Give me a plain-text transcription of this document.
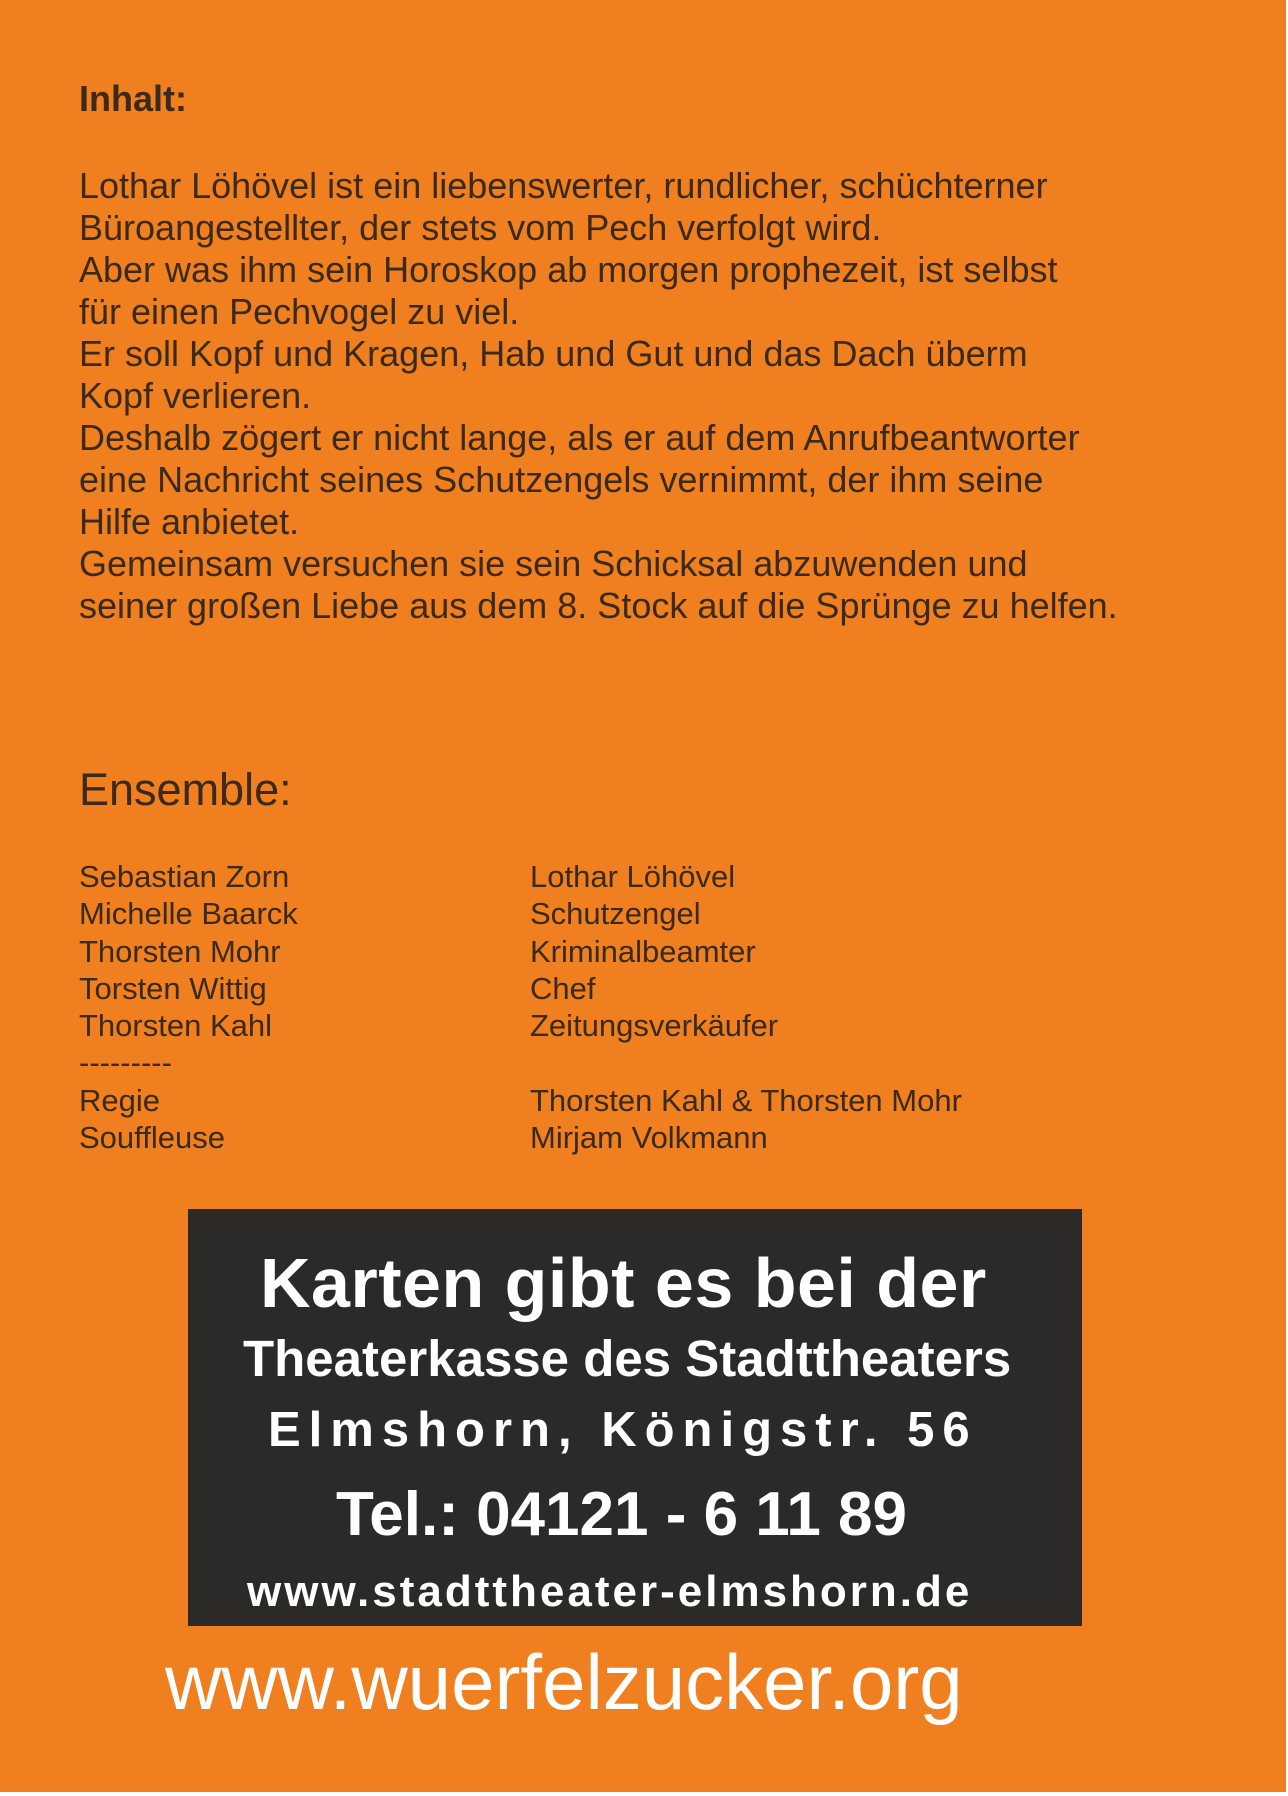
Inhalt:
Lothar Löhövel ist ein liebenswerter, rundlicher, schüchterner
Büroangestellter, der stets vom Pech verfolgt wird.
Aber was ihm sein Horoskop ab morgen prophezeit, ist selbst
für einen Pechvogel zu viel.
Er soll Kopf und Kragen, Hab und Gut und das Dach überm
Kopf verlieren.
Deshalb zögert er nicht lange, als er auf dem Anrufbeantworter
eine Nachricht seines Schutzengels vernimmt, der ihm seine
Hilfe anbietet.
Gemeinsam versuchen sie sein Schicksal abzuwenden und
seiner großen Liebe aus dem 8. Stock auf die Sprünge zu helfen.
Ensemble:
Sebastian Zorn	Lothar Löhövel
Michelle Baarck	Schutzengel
Thorsten Mohr	Kriminalbeamter
Torsten Wittig	Chef
Thorsten Kahl	Zeitungsverkäufer
---------
Regie	Thorsten Kahl & Thorsten Mohr
Souffleuse	Mirjam Volkmann
Karten gibt es bei der
Theaterkasse des Stadttheaters
Elmshorn, Königstr. 56
Tel.: 04121 - 6 11 89
www.stadttheater-elmshorn.de
www.wuerfelzucker.org
